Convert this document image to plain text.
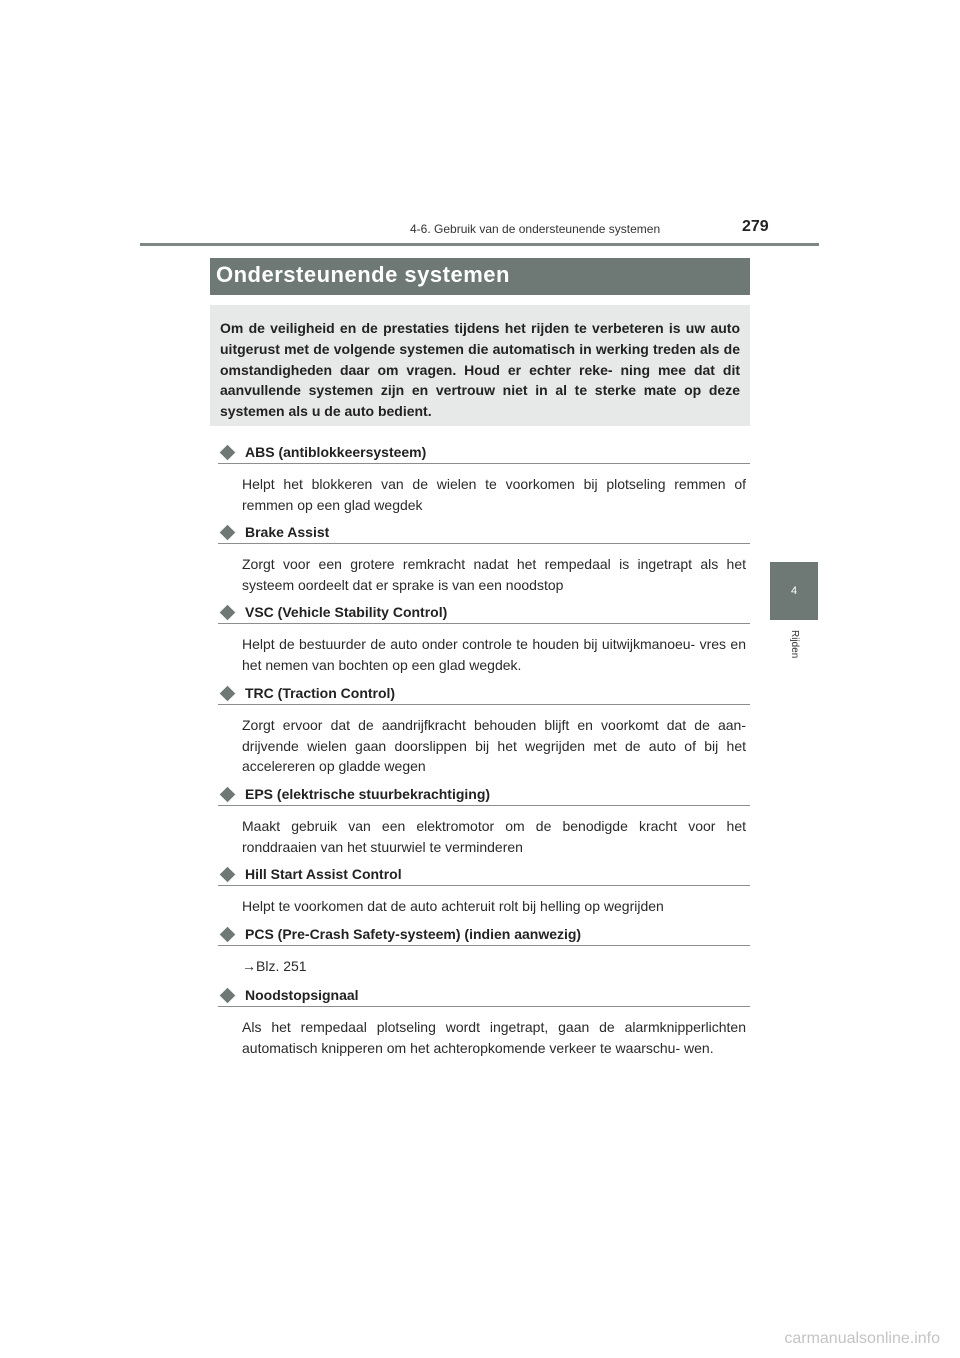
4-6. Gebruik van de ondersteunende systemen	279
4
Rijden
Ondersteunende systemen
Om de veiligheid en de prestaties tijdens het rijden te verbeteren is uw auto uitgerust met de volgende systemen die automatisch in werking treden als de omstandigheden daar om vragen. Houd er echter reke- ning mee dat dit aanvullende systemen zijn en vertrouw niet in al te sterke mate op deze systemen als u de auto bedient.
ABS (antiblokkeersysteem)
Helpt het blokkeren van de wielen te voorkomen bij plotseling remmen of remmen op een glad wegdek
Brake Assist
Zorgt voor een grotere remkracht nadat het rempedaal is ingetrapt als het systeem oordeelt dat er sprake is van een noodstop
VSC (Vehicle Stability Control)
Helpt de bestuurder de auto onder controle te houden bij uitwijkmanoeu- vres en het nemen van bochten op een glad wegdek.
TRC (Traction Control)
Zorgt ervoor dat de aandrijfkracht behouden blijft en voorkomt dat de aan- drijvende wielen gaan doorslippen bij het wegrijden met de auto of bij het accelereren op gladde wegen
EPS (elektrische stuurbekrachtiging)
Maakt gebruik van een elektromotor om de benodigde kracht voor het ronddraaien van het stuurwiel te verminderen
Hill Start Assist Control
Helpt te voorkomen dat de auto achteruit rolt bij helling op wegrijden
PCS (Pre-Crash Safety-systeem) (indien aanwezig)
→Blz. 251
Noodstopsignaal
Als het rempedaal plotseling wordt ingetrapt, gaan de alarmknipperlichten automatisch knipperen om het achteropkomende verkeer te waarschu- wen.
carmanualsonline.info
